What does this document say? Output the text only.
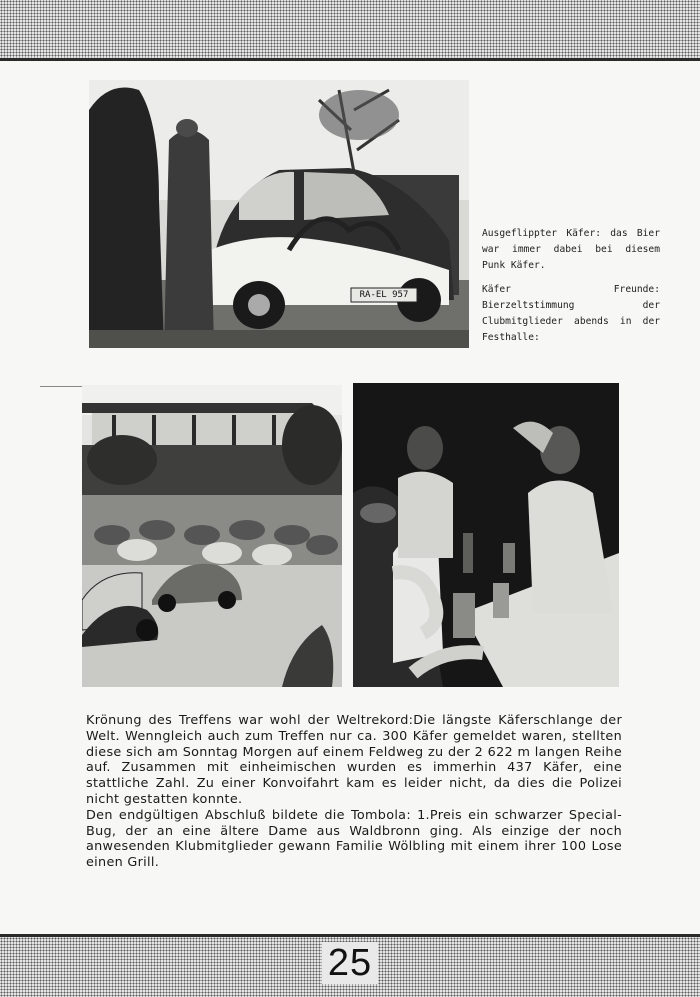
RA-EL 957

Ausgeflippter Käfer: das Bier war immer dabei bei diesem Punk Käfer.

Käfer Freunde: Bierzeltstimmung der Clubmitglieder abends in der Festhalle:

Krönung des Treffens war wohl der Weltrekord:Die längste Käferschlange der Welt. Wenngleich auch zum Treffen nur ca. 300 Käfer gemeldet waren, stellten diese sich am Sonntag Morgen auf einem Feldweg zu der 2 622 m langen Reihe auf. Zusammen mit einheimischen wurden es immerhin 437 Käfer, eine stattliche Zahl. Zu einer Konvoifahrt kam es leider nicht, da dies die Polizei nicht gestatten konnte.

Den endgültigen Abschluß bildete die Tombola: 1.Preis ein schwarzer Special-Bug, der an eine ältere Dame aus Waldbronn ging. Als einzige der noch anwesenden Klubmitglieder gewann Familie Wölbling mit einem ihrer 100 Lose einen Grill.

25
